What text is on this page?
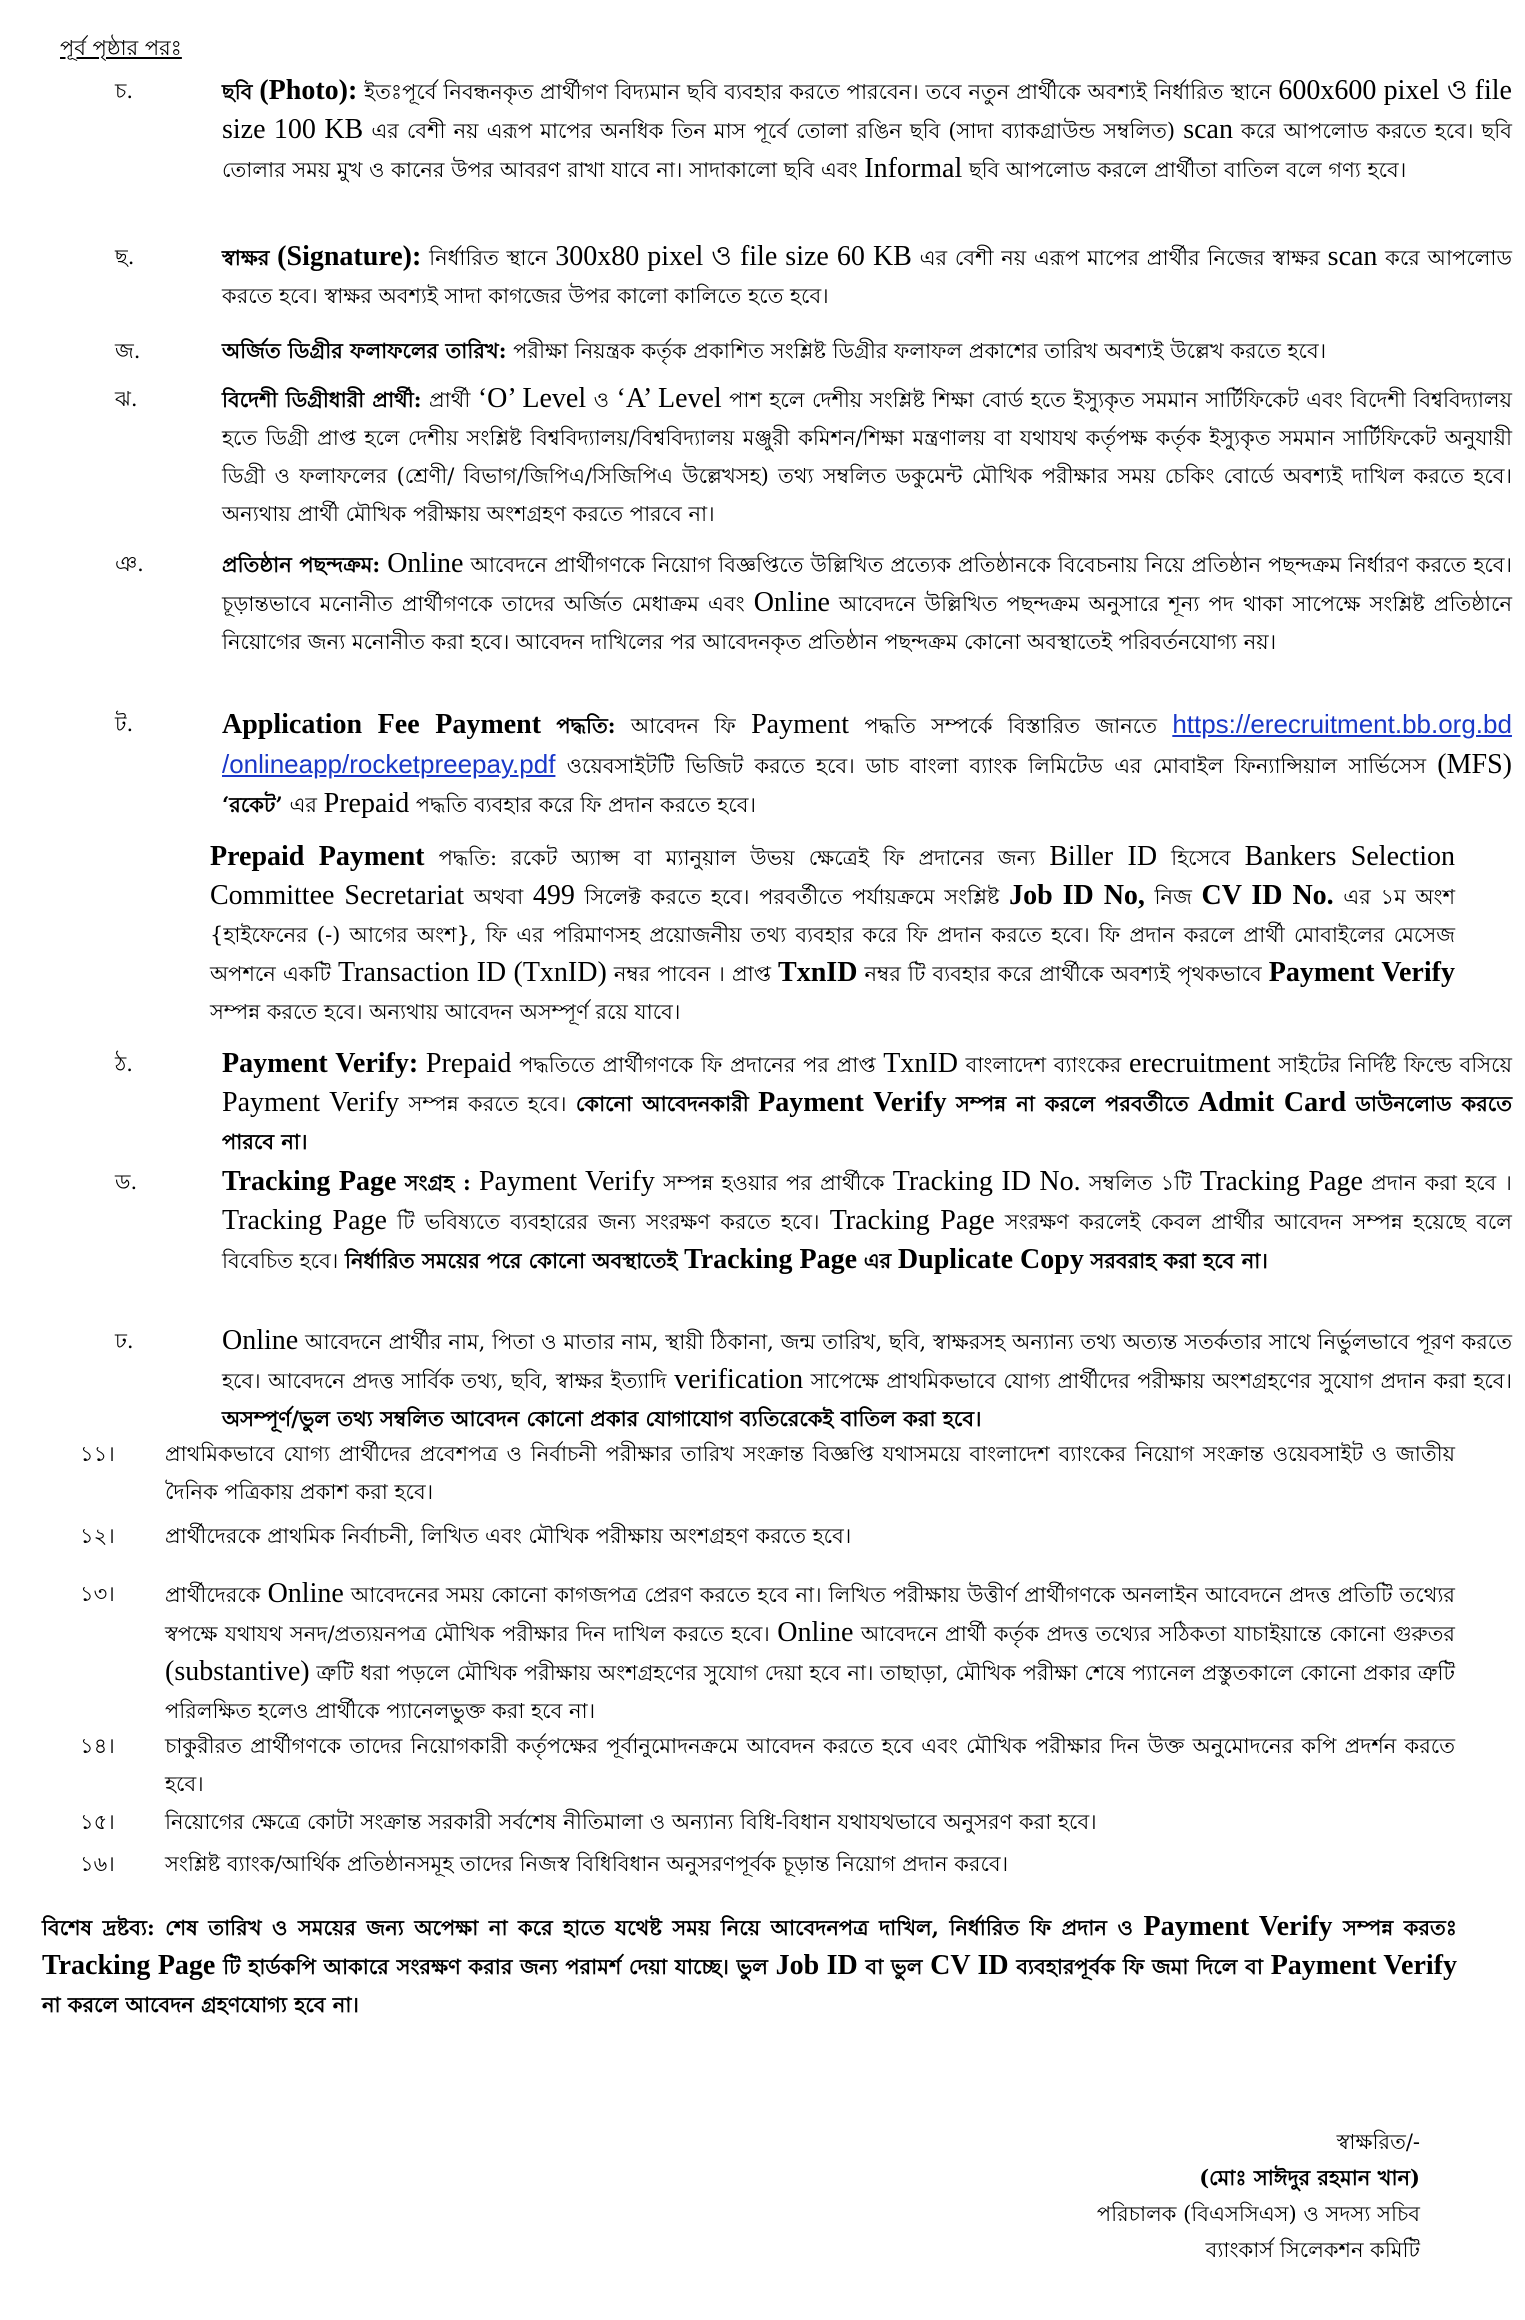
পূর্ব পৃষ্ঠার পরঃ
চ.	ছবি (Photo): ইতঃপূর্বে নিবন্ধনকৃত প্রার্থীগণ বিদ্যমান ছবি ব্যবহার করতে পারবেন। তবে নতুন প্রার্থীকে অবশ্যই নির্ধারিত স্থানে 600x600 pixel ও file size 100 KB এর বেশী নয় এরূপ মাপের অনধিক তিন মাস পূর্বে তোলা রঙিন ছবি (সাদা ব্যাকগ্রাউন্ড সম্বলিত) scan করে আপলোড করতে হবে। ছবি তোলার সময় মুখ ও কানের উপর আবরণ রাখা যাবে না। সাদাকালো ছবি এবং Informal ছবি আপলোড করলে প্রার্থীতা বাতিল বলে গণ্য হবে।
ছ.	স্বাক্ষর (Signature): নির্ধারিত স্থানে 300x80 pixel ও file size 60 KB এর বেশী নয় এরূপ মাপের প্রার্থীর নিজের স্বাক্ষর scan করে আপলোড করতে হবে। স্বাক্ষর অবশ্যই সাদা কাগজের উপর কালো কালিতে হতে হবে।
জ.	অর্জিত ডিগ্রীর ফলাফলের তারিখ: পরীক্ষা নিয়ন্ত্রক কর্তৃক প্রকাশিত সংশ্লিষ্ট ডিগ্রীর ফলাফল প্রকাশের তারিখ অবশ্যই উল্লেখ করতে হবে।
ঝ.	বিদেশী ডিগ্রীধারী প্রার্থী: প্রার্থী ‘O’ Level ও ‘A’ Level পাশ হলে দেশীয় সংশ্লিষ্ট শিক্ষা বোর্ড হতে ইস্যুকৃত সমমান সার্টিফিকেট এবং বিদেশী বিশ্ববিদ্যালয় হতে ডিগ্রী প্রাপ্ত হলে দেশীয় সংশ্লিষ্ট বিশ্ববিদ্যালয়/বিশ্ববিদ্যালয় মঞ্জুরী কমিশন/শিক্ষা মন্ত্রণালয় বা যথাযথ কর্তৃপক্ষ কর্তৃক ইস্যুকৃত সমমান সার্টিফিকেট অনুযায়ী ডিগ্রী ও ফলাফলের (শ্রেণী/ বিভাগ/জিপিএ/সিজিপিএ উল্লেখসহ) তথ্য সম্বলিত ডকুমেন্ট মৌখিক পরীক্ষার সময় চেকিং বোর্ডে অবশ্যই দাখিল করতে হবে। অন্যথায় প্রার্থী মৌখিক পরীক্ষায় অংশগ্রহণ করতে পারবে না।
ঞ.	প্রতিষ্ঠান পছন্দক্রম: Online আবেদনে প্রার্থীগণকে নিয়োগ বিজ্ঞপ্তিতে উল্লিখিত প্রত্যেক প্রতিষ্ঠানকে বিবেচনায় নিয়ে প্রতিষ্ঠান পছন্দক্রম নির্ধারণ করতে হবে। চূড়ান্তভাবে মনোনীত প্রার্থীগণকে তাদের অর্জিত মেধাক্রম এবং Online আবেদনে উল্লিখিত পছন্দক্রম অনুসারে শূন্য পদ থাকা সাপেক্ষে সংশ্লিষ্ট প্রতিষ্ঠানে নিয়োগের জন্য মনোনীত করা হবে। আবেদন দাখিলের পর আবেদনকৃত প্রতিষ্ঠান পছন্দক্রম কোনো অবস্থাতেই পরিবর্তনযোগ্য নয়।
ট.	Application Fee Payment পদ্ধতি: আবেদন ফি Payment পদ্ধতি সম্পর্কে বিস্তারিত জানতে https://erecruitment.bb.org.bd /onlineapp/rocketpreepay.pdf ওয়েবসাইটটি ভিজিট করতে হবে। ডাচ বাংলা ব্যাংক লিমিটেড এর মোবাইল ফিন্যান্সিয়াল সার্ভিসেস (MFS) ‘রকেট’ এর Prepaid পদ্ধতি ব্যবহার করে ফি প্রদান করতে হবে।
Prepaid Payment পদ্ধতি: রকেট অ্যাপ্স বা ম্যানুয়াল উভয় ক্ষেত্রেই ফি প্রদানের জন্য Biller ID হিসেবে Bankers Selection Committee Secretariat অথবা 499 সিলেক্ট করতে হবে। পরবর্তীতে পর্যায়ক্রমে সংশ্লিষ্ট Job ID No, নিজ CV ID No. এর ১ম অংশ {হাইফেনের (-) আগের অংশ}, ফি এর পরিমাণসহ প্রয়োজনীয় তথ্য ব্যবহার করে ফি প্রদান করতে হবে। ফি প্রদান করলে প্রার্থী মোবাইলের মেসেজ অপশনে একটি Transaction ID (TxnID) নম্বর পাবেন । প্রাপ্ত TxnID নম্বর টি ব্যবহার করে প্রার্থীকে অবশ্যই পৃথকভাবে Payment Verify সম্পন্ন করতে হবে। অন্যথায় আবেদন অসম্পূর্ণ রয়ে যাবে।
ঠ.	Payment Verify: Prepaid পদ্ধতিতে প্রার্থীগণকে ফি প্রদানের পর প্রাপ্ত TxnID বাংলাদেশ ব্যাংকের erecruitment সাইটের নির্দিষ্ট ফিল্ডে বসিয়ে Payment Verify সম্পন্ন করতে হবে। কোনো আবেদনকারী Payment Verify সম্পন্ন না করলে পরবর্তীতে Admit Card ডাউনলোড করতে পারবে না।
ড.	Tracking Page সংগ্রহ : Payment Verify সম্পন্ন হওয়ার পর প্রার্থীকে Tracking ID No. সম্বলিত ১টি Tracking Page প্রদান করা হবে । Tracking Page টি ভবিষ্যতে ব্যবহারের জন্য সংরক্ষণ করতে হবে। Tracking Page সংরক্ষণ করলেই কেবল প্রার্থীর আবেদন সম্পন্ন হয়েছে বলে বিবেচিত হবে। নির্ধারিত সময়ের পরে কোনো অবস্থাতেই Tracking Page এর Duplicate Copy সরবরাহ করা হবে না।
ঢ.	Online আবেদনে প্রার্থীর নাম, পিতা ও মাতার নাম, স্থায়ী ঠিকানা, জন্ম তারিখ, ছবি, স্বাক্ষরসহ অন্যান্য তথ্য অত্যন্ত সতর্কতার সাথে নির্ভুলভাবে পূরণ করতে হবে। আবেদনে প্রদত্ত সার্বিক তথ্য, ছবি, স্বাক্ষর ইত্যাদি verification সাপেক্ষে প্রাথমিকভাবে যোগ্য প্রার্থীদের পরীক্ষায় অংশগ্রহণের সুযোগ প্রদান করা হবে। অসম্পূর্ণ/ভুল তথ্য সম্বলিত আবেদন কোনো প্রকার যোগাযোগ ব্যতিরেকেই বাতিল করা হবে।
১১।	প্রাথমিকভাবে যোগ্য প্রার্থীদের প্রবেশপত্র ও নির্বাচনী পরীক্ষার তারিখ সংক্রান্ত বিজ্ঞপ্তি যথাসময়ে বাংলাদেশ ব্যাংকের নিয়োগ সংক্রান্ত ওয়েবসাইট ও জাতীয় দৈনিক পত্রিকায় প্রকাশ করা হবে।
১২।	প্রার্থীদেরকে প্রাথমিক নির্বাচনী, লিখিত এবং মৌখিক পরীক্ষায় অংশগ্রহণ করতে হবে।
১৩।	প্রার্থীদেরকে Online আবেদনের সময় কোনো কাগজপত্র প্রেরণ করতে হবে না। লিখিত পরীক্ষায় উত্তীর্ণ প্রার্থীগণকে অনলাইন আবেদনে প্রদত্ত প্রতিটি তথ্যের স্বপক্ষে যথাযথ সনদ/প্রত্যয়নপত্র মৌখিক পরীক্ষার দিন দাখিল করতে হবে। Online আবেদনে প্রার্থী কর্তৃক প্রদত্ত তথ্যের সঠিকতা যাচাইয়ান্তে কোনো গুরুতর (substantive) ত্রুটি ধরা পড়লে মৌখিক পরীক্ষায় অংশগ্রহণের সুযোগ দেয়া হবে না। তাছাড়া, মৌখিক পরীক্ষা শেষে প্যানেল প্রস্তুতকালে কোনো প্রকার ত্রুটি পরিলক্ষিত হলেও প্রার্থীকে প্যানেলভুক্ত করা হবে না।
১৪।	চাকুরীরত প্রার্থীগণকে তাদের নিয়োগকারী কর্তৃপক্ষের পূর্বানুমোদনক্রমে আবেদন করতে হবে এবং মৌখিক পরীক্ষার দিন উক্ত অনুমোদনের কপি প্রদর্শন করতে হবে।
১৫।	নিয়োগের ক্ষেত্রে কোটা সংক্রান্ত সরকারী সর্বশেষ নীতিমালা ও অন্যান্য বিধি-বিধান যথাযথভাবে অনুসরণ করা হবে।
১৬।	সংশ্লিষ্ট ব্যাংক/আর্থিক প্রতিষ্ঠানসমূহ তাদের নিজস্ব বিধিবিধান অনুসরণপূর্বক চূড়ান্ত নিয়োগ প্রদান করবে।
বিশেষ দ্রষ্টব্য: শেষ তারিখ ও সময়ের জন্য অপেক্ষা না করে হাতে যথেষ্ট সময় নিয়ে আবেদনপত্র দাখিল, নির্ধারিত ফি প্রদান ও Payment Verify সম্পন্ন করতঃ Tracking Page টি হার্ডকপি আকারে সংরক্ষণ করার জন্য পরামর্শ দেয়া যাচ্ছে। ভুল Job ID বা ভুল CV ID ব্যবহারপূর্বক ফি জমা দিলে বা Payment Verify না করলে আবেদন গ্রহণযোগ্য হবে না।
স্বাক্ষরিত/-
(মোঃ সাঈদুর রহমান খান)
পরিচালক (বিএসসিএস) ও সদস্য সচিব
ব্যাংকার্স সিলেকশন কমিটি
